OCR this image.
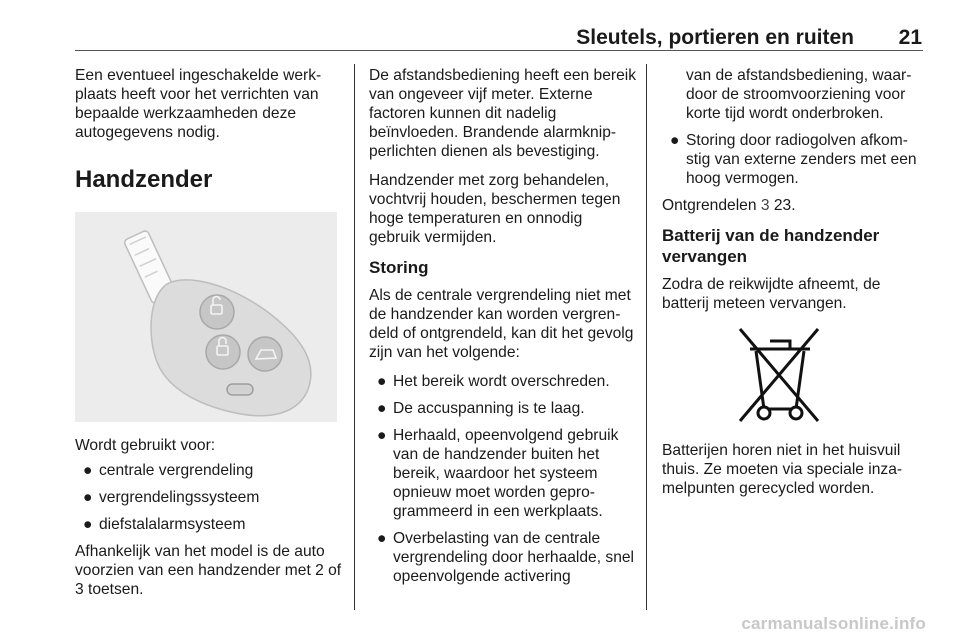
Sleutels, portieren en ruiten	21

Een eventueel ingeschakelde werk-plaats heeft voor het verrichten van bepaalde werkzaamheden deze autogegevens nodig.

Handzender

Wordt gebruikt voor:

● centrale vergrendeling
● vergrendelingssysteem
● diefstalalarmsysteem

Afhankelijk van het model is de auto voorzien van een handzender met 2 of 3 toetsen.

De afstandsbediening heeft een bereik van ongeveer vijf meter. Externe factoren kunnen dit nadelig beïnvloeden. Brandende alarmknip-perlichten dienen als bevestiging.

Handzender met zorg behandelen, vochtvrij houden, beschermen tegen hoge temperaturen en onnodig gebruik vermijden.

Storing

Als de centrale vergrendeling niet met de handzender kan worden vergren-deld of ontgrendeld, kan dit het gevolg zijn van het volgende:

● Het bereik wordt overschreden.
● De accuspanning is te laag.
● Herhaald, opeenvolgend gebruik van de handzender buiten het bereik, waardoor het systeem opnieuw moet worden gepro-grammeerd in een werkplaats.
● Overbelasting van de centrale vergrendeling door herhaalde, snel opeenvolgende activering

van de afstandsbediening, waar-door de stroomvoorziening voor korte tijd wordt onderbroken.

● Storing door radiogolven afkom-stig van externe zenders met een hoog vermogen.

Ontgrendelen 3 23.

Batterij van de handzender vervangen

Zodra de reikwijdte afneemt, de batterij meteen vervangen.

Batterijen horen niet in het huisvuil thuis. Ze moeten via speciale inza-melpunten gerecycled worden.

carmanualsonline.info
